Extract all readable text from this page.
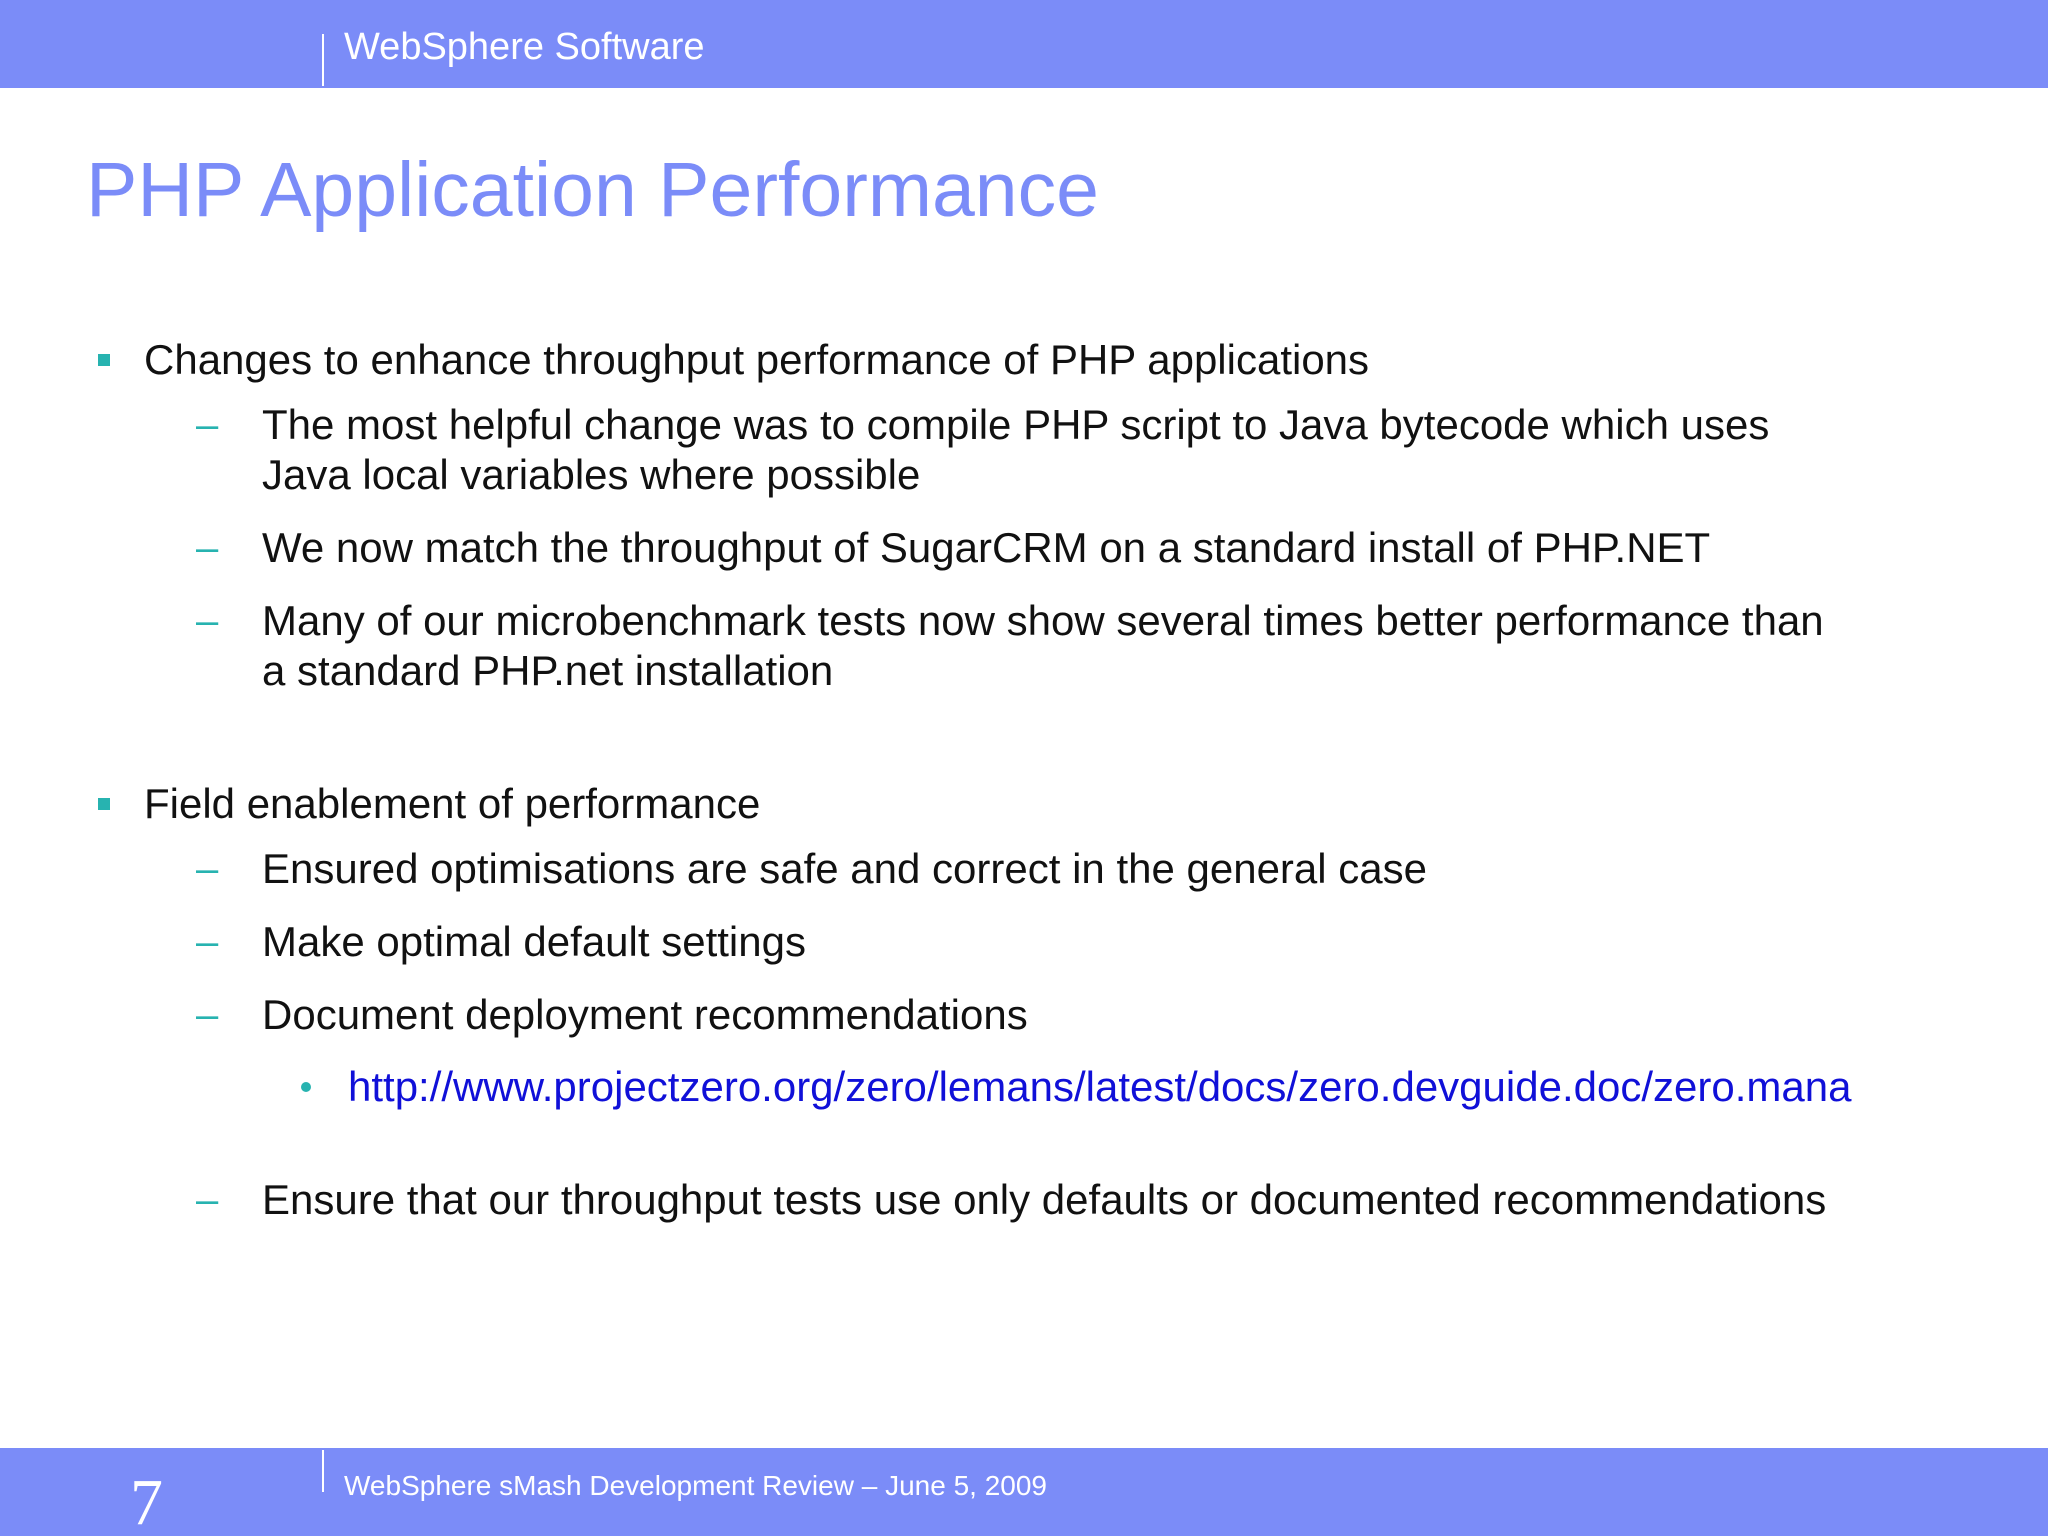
WebSphere Software
PHP Application Performance
Changes to enhance throughput performance of PHP applications
– The most helpful change was to compile PHP script to Java bytecode which uses
Java local variables where possible
– We now match the throughput of SugarCRM on a standard install of PHP.NET
– Many of our microbenchmark tests now show several times better performance than
a standard PHP.net installation
Field enablement of performance
– Ensured optimisations are safe and correct in the general case
– Make optimal default settings
– Document deployment recommendations
http://www.projectzero.org/zero/lemans/latest/docs/zero.devguide.doc/zero.mana
– Ensure that our throughput tests use only defaults or documented recommendations
7	WebSphere sMash Development Review – June 5, 2009
